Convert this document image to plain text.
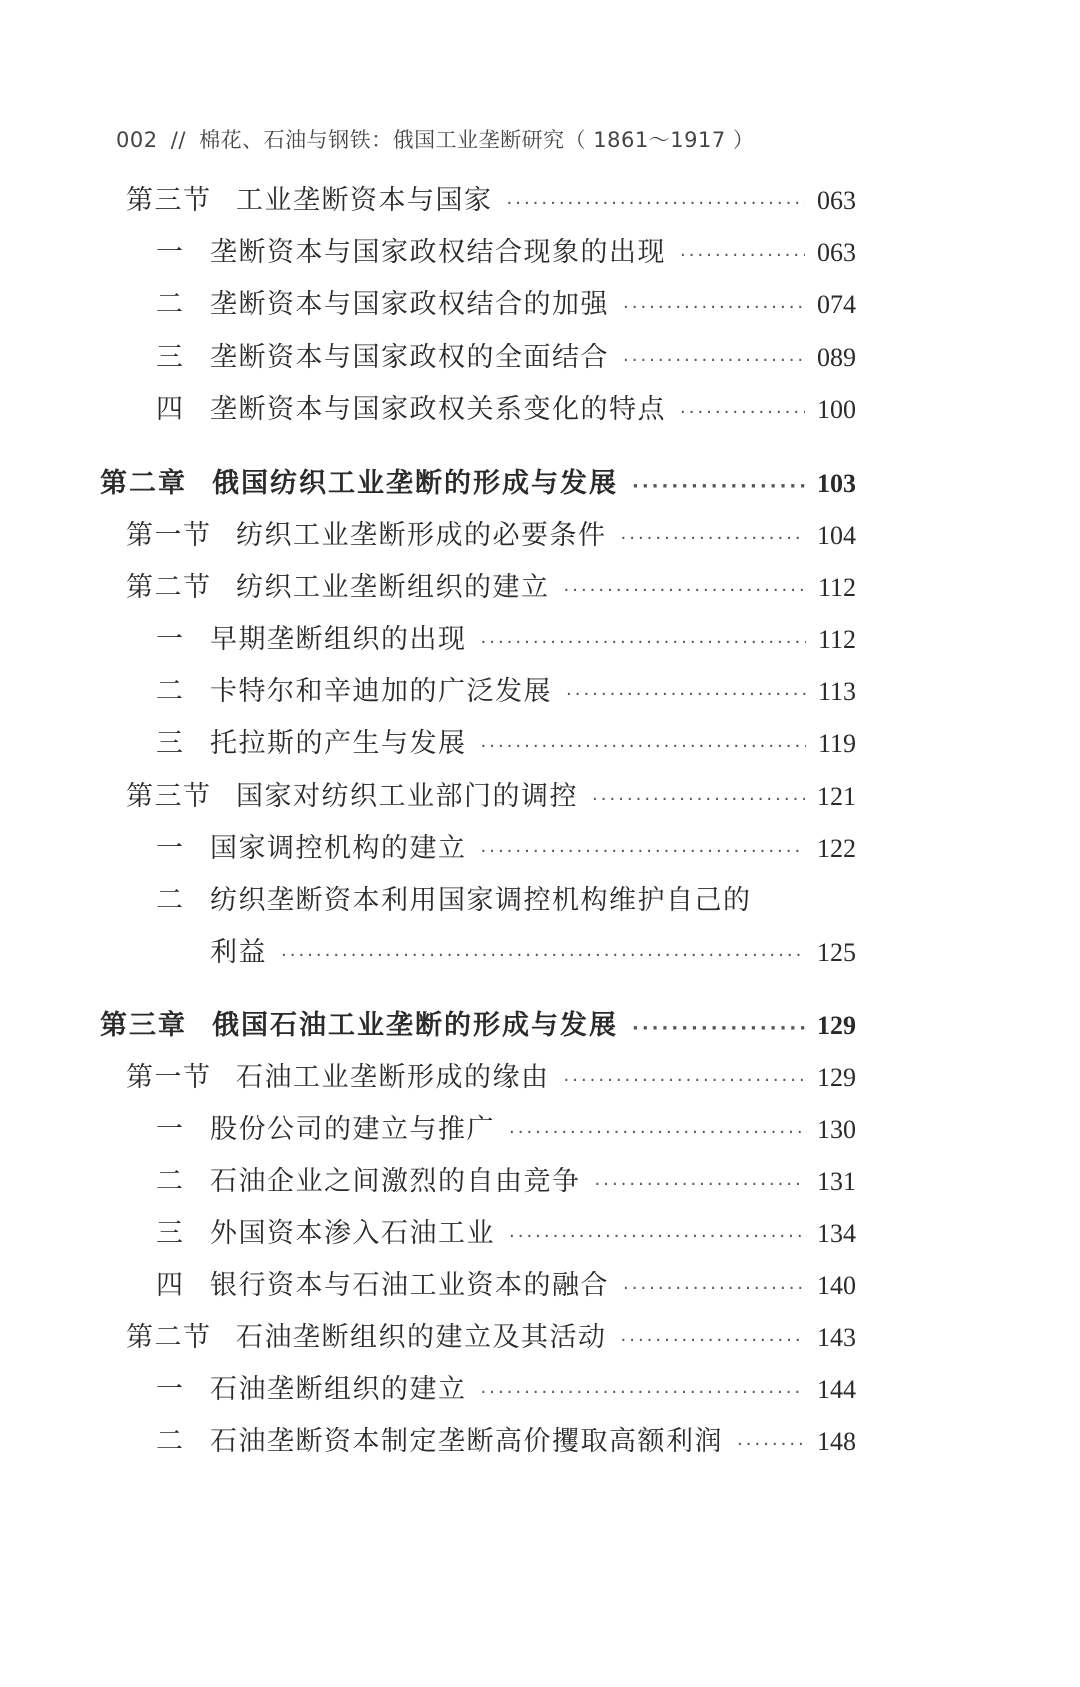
002 // 棉花、石油与钢铁：俄国工业垄断研究（ 1861～1917 ）
第三节 工业垄断资本与国家 ·····	063
一 垄断资本与国家政权结合现象的出现 ·····	063
二 垄断资本与国家政权结合的加强 ·····	074
三 垄断资本与国家政权的全面结合 ·····	089
四 垄断资本与国家政权关系变化的特点 ·····	100
第二章 俄国纺织工业垄断的形成与发展 ·····	103
第一节 纺织工业垄断形成的必要条件 ·····	104
第二节 纺织工业垄断组织的建立 ·····	112
一 早期垄断组织的出现 ·····	112
二 卡特尔和辛迪加的广泛发展 ·····	113
三 托拉斯的产生与发展 ·····	119
第三节 国家对纺织工业部门的调控 ·····	121
一 国家调控机构的建立 ·····	122
二 纺织垄断资本利用国家调控机构维护自己的
利益 ·····	125
第三章 俄国石油工业垄断的形成与发展 ·····	129
第一节 石油工业垄断形成的缘由 ·····	129
一 股份公司的建立与推广 ·····	130
二 石油企业之间激烈的自由竞争 ·····	131
三 外国资本渗入石油工业 ·····	134
四 银行资本与石油工业资本的融合 ·····	140
第二节 石油垄断组织的建立及其活动 ·····	143
一 石油垄断组织的建立 ·····	144
二 石油垄断资本制定垄断高价攫取高额利润 ·····	148
